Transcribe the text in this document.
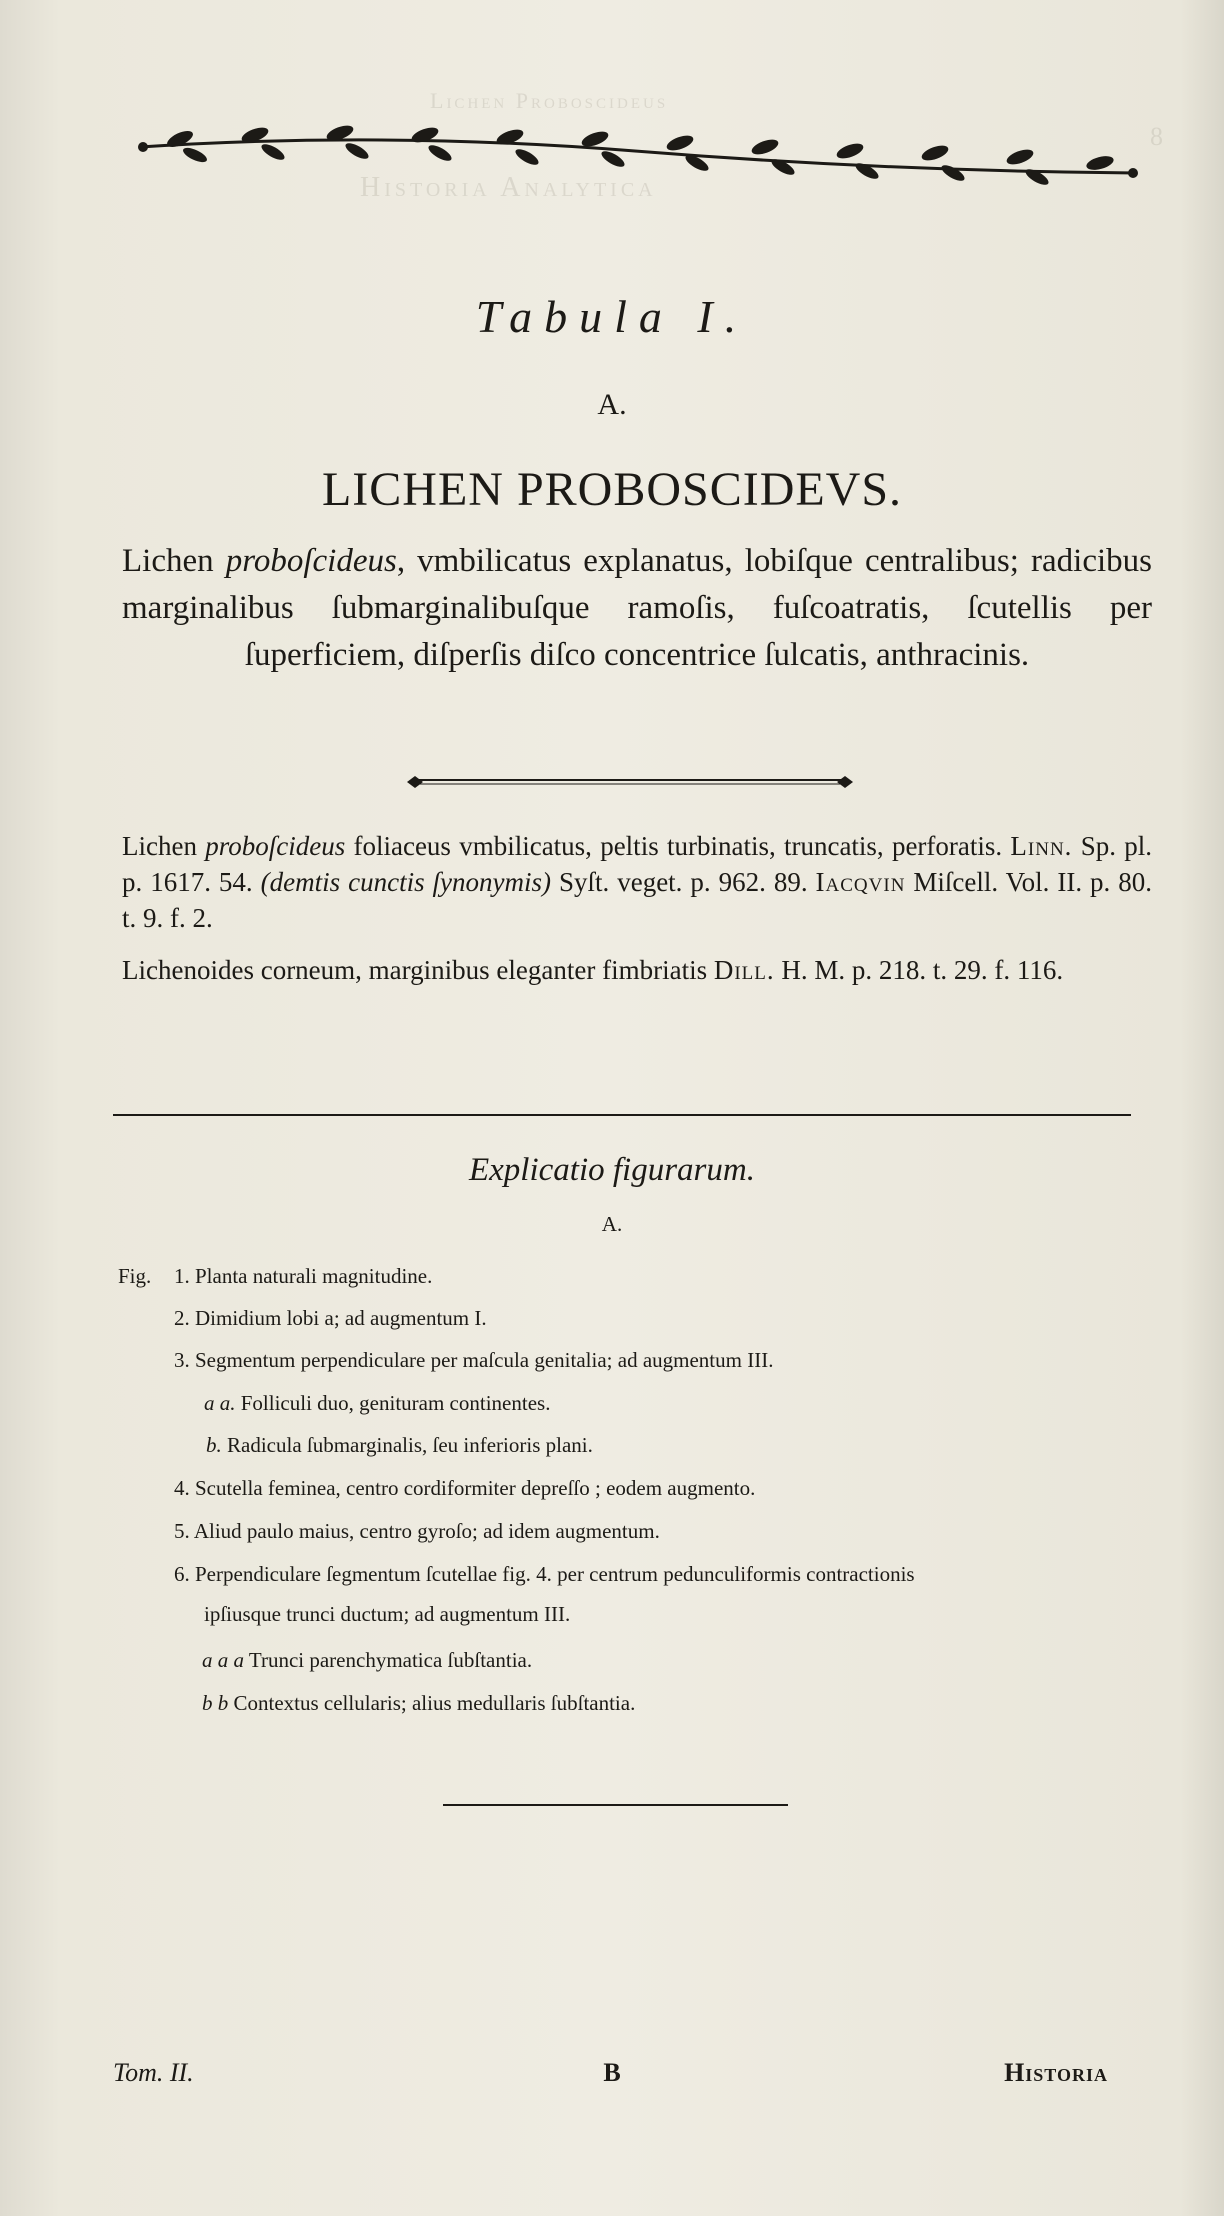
Lichen Proboscideus
Historia Analytica
8
Tabula I.
A.
LICHEN PROBOSCIDEVS.
Lichen proboſcideus, vmbilicatus explanatus, lobiſque centralibus; radicibus marginalibus ſubmarginalibuſque ramoſis, fuſcoatratis, ſcutellis per ſuperficiem, diſperſis diſco concentrice ſulcatis, anthracinis.
Lichen proboſcideus foliaceus vmbilicatus, peltis turbinatis, truncatis, perforatis. Linn. Sp. pl. p. 1617. 54. (demtis cunctis ſynonymis) Syſt. veget. p. 962. 89. Iacqvin Miſcell. Vol. II. p. 80. t. 9. f. 2.
Lichenoides corneum, marginibus eleganter fimbriatis Dill. H. M. p. 218. t. 29. f. 116.
Explicatio figurarum.
A.
Fig. 1. Planta naturali magnitudine.
2. Dimidium lobi a; ad augmentum I.
3. Segmentum perpendiculare per maſcula genitalia; ad augmentum III.
a a. Folliculi duo, genituram continentes.
b. Radicula ſubmarginalis, ſeu inferioris plani.
4. Scutella feminea, centro cordiformiter depreſſo ; eodem augmento.
5. Aliud paulo maius, centro gyroſo; ad idem augmentum.
6. Perpendiculare ſegmentum ſcutellae fig. 4. per centrum pedunculiformis contractionis
ipſiusque trunci ductum; ad augmentum III.
a a a Trunci parenchymatica ſubſtantia.
b b Contextus cellularis; alius medullaris ſubſtantia.
Tom. II.	B	Historia
